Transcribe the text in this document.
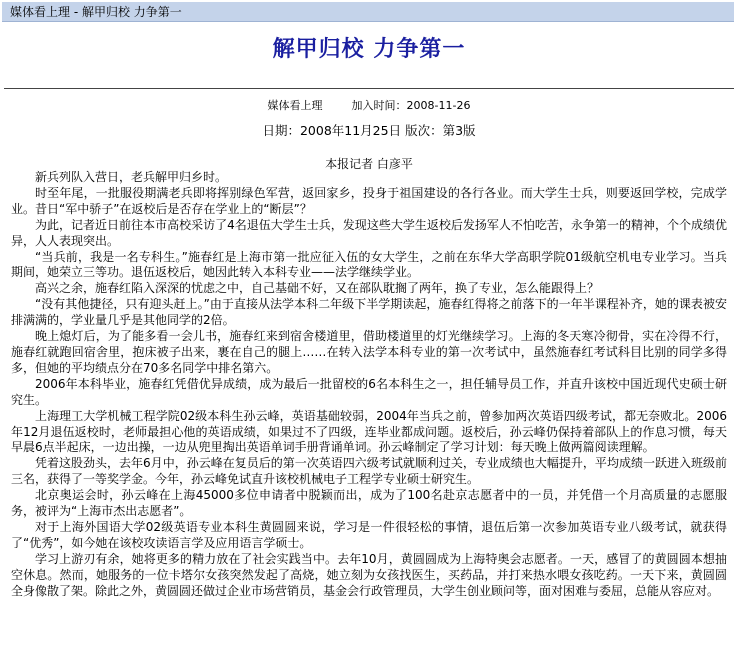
媒体看上理 - 解甲归校 力争第一
解甲归校 力争第一
媒体看上理	加入时间：2008-11-26
日期：2008年11月25日 版次：第3版
本报记者 白彦平

新兵列队入营日，老兵解甲归乡时。

时至年尾，一批服役期满老兵即将挥别绿色军营，返回家乡，投身于祖国建设的各行各业。而大学生士兵，则要返回学校，完成学业。昔日“军中骄子”在返校后是否存在学业上的“断层”？

为此，记者近日前往本市高校采访了4名退伍大学生士兵，发现这些大学生返校后发扬军人不怕吃苦，永争第一的精神，个个成绩优异，人人表现突出。

“当兵前，我是一名专科生。”施春红是上海市第一批应征入伍的女大学生，之前在东华大学高职学院01级航空机电专业学习。当兵期间，她荣立三等功。退伍返校后，她因此转入本科专业——法学继续学业。

高兴之余，施春红陷入深深的忧虑之中，自己基础不好，又在部队耽搁了两年，换了专业，怎么能跟得上？

“没有其他捷径，只有迎头赶上。”由于直接从法学本科二年级下半学期读起，施春红得将之前落下的一年半课程补齐，她的课表被安排满满的，学业量几乎是其他同学的2倍。

晚上熄灯后，为了能多看一会儿书，施春红来到宿舍楼道里，借助楼道里的灯光继续学习。上海的冬天寒冷彻骨，实在冷得不行，施春红就跑回宿舍里，抱床被子出来，裹在自己的腿上……在转入法学本科专业的第一次考试中，虽然施春红考试科目比别的同学多得多，但她的平均绩点分在70多名同学中排名第六。

2006年本科毕业，施春红凭借优异成绩，成为最后一批留校的6名本科生之一，担任辅导员工作，并直升该校中国近现代史硕士研究生。

上海理工大学机械工程学院02级本科生孙云峰，英语基础较弱，2004年当兵之前，曾参加两次英语四级考试，都无奈败北。2006年12月退伍返校时，老师最担心他的英语成绩，如果过不了四级，连毕业都成问题。返校后，孙云峰仍保持着部队上的作息习惯，每天早晨6点半起床，一边出操，一边从兜里掏出英语单词手册背诵单词。孙云峰制定了学习计划：每天晚上做两篇阅读理解。

凭着这股劲头，去年6月中，孙云峰在复员后的第一次英语四六级考试就顺利过关，专业成绩也大幅提升，平均成绩一跃进入班级前三名，获得了一等奖学金。今年，孙云峰免试直升该校机械电子工程学专业硕士研究生。

北京奥运会时，孙云峰在上海45000多位申请者中脱颖而出，成为了100名赴京志愿者中的一员，并凭借一个月高质量的志愿服务，被评为“上海市杰出志愿者”。

对于上海外国语大学02级英语专业本科生黄圆圆来说，学习是一件很轻松的事情，退伍后第一次参加英语专业八级考试，就获得了“优秀”，如今她在该校攻读语言学及应用语言学硕士。

学习上游刃有余，她将更多的精力放在了社会实践当中。去年10月，黄圆圆成为上海特奥会志愿者。一天，感冒了的黄圆圆本想抽空休息。然而，她服务的一位卡塔尔女孩突然发起了高烧，她立刻为女孩找医生，买药品，并打来热水喂女孩吃药。一天下来，黄圆圆全身像散了架。除此之外，黄圆圆还做过企业市场营销员，基金会行政管理员，大学生创业顾问等，面对困难与委屈，总能从容应对。
